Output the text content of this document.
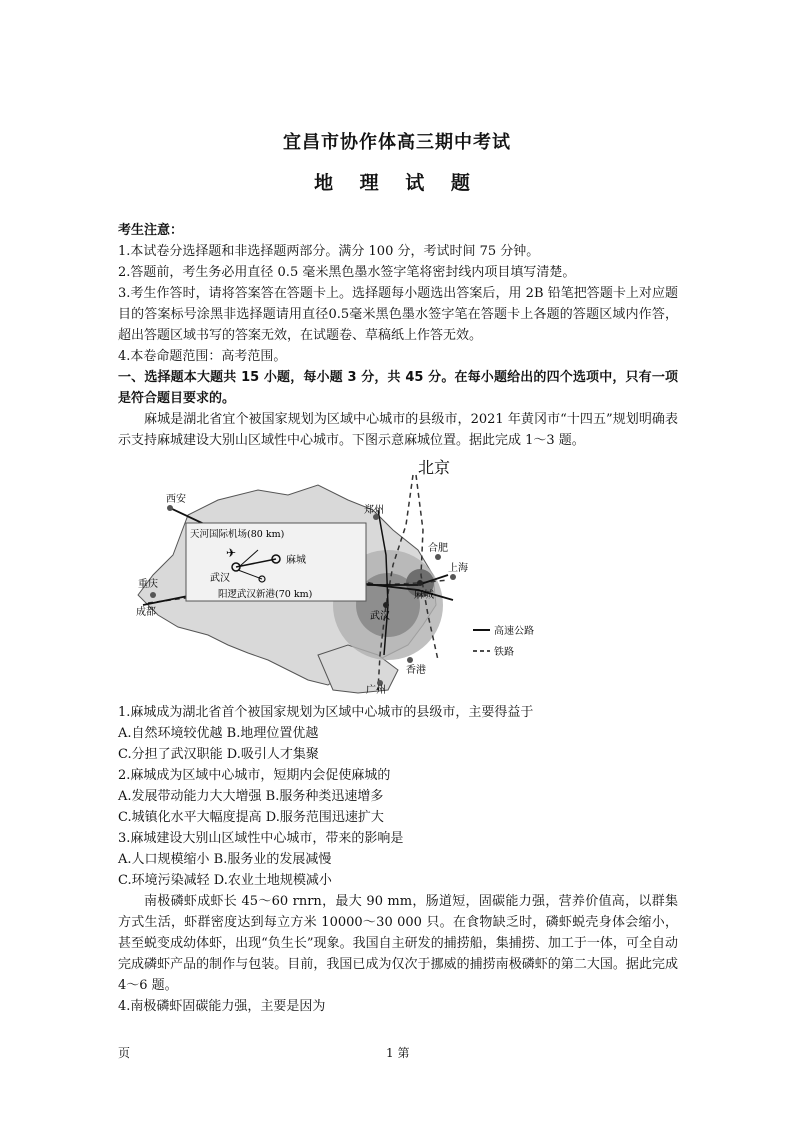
宜昌市协作体高三期中考试
地 理 试 题
考生注意：
1.本试卷分选择题和非选择题两部分。满分 100 分，考试时间 75 分钟。
2.答题前，考生务必用直径 0.5 毫米黑色墨水签字笔将密封线内项目填写清楚。
3.考生作答时，请将答案答在答题卡上。选择题每小题选出答案后，用 2B 铅笔把答题卡上对应题目的答案标号涂黑非选择题请用直径0.5毫米黑色墨水签字笔在答题卡上各题的答题区域内作答，超出答题区域书写的答案无效，在试题卷、草稿纸上作答无效。
4.本卷命题范围：高考范围。
一、选择题本大题共 15 小题，每小题 3 分，共 45 分。在每小题给出的四个选项中，只有一项是符合题目要求的。
麻城是湖北省宜个被国家规划为区域中心城市的县级市，2021 年黄冈市“十四五”规划明确表示支持麻城建设大别山区域性中心城市。下图示意麻城位置。据此完成 1～3 题。
北京
西安
郑州
合肥
上海
重庆
成都	武汉
麻城
香港
广州
天河国际机场(80 km)
麻城
武汉
阳逻武汉新港(70 km)
✈
高速公路
铁路
1.麻城成为湖北省首个被国家规划为区域中心城市的县级市，主要得益于
A.自然环境较优越 B.地理位置优越
C.分担了武汉职能 D.吸引人才集聚
2.麻城成为区域中心城市，短期内会促使麻城的
A.发展带动能力大大增强 B.服务种类迅速增多
C.城镇化水平大幅度提高 D.服务范围迅速扩大
3.麻城建设大别山区域性中心城市，带来的影响是
A.人口规模缩小 B.服务业的发展减慢
C.环境污染减轻 D.农业土地规模减小
南极磷虾成虾长 45～60 rnrn，最大 90 mm，肠道短，固碳能力强，营养价值高，以群集方式生活，虾群密度达到每立方米 10000～30 000 只。在食物缺乏时，磷虾蜕壳身体会缩小，甚至蜕变成幼体虾，出现“负生长”现象。我国自主研发的捕捞船，集捕捞、加工于一体，可全自动完成磷虾产品的制作与包装。目前，我国已成为仅次于挪威的捕捞南极磷虾的第二大国。据此完成 4～6 题。
4.南极磷虾固碳能力强，主要是因为
页	1 第
